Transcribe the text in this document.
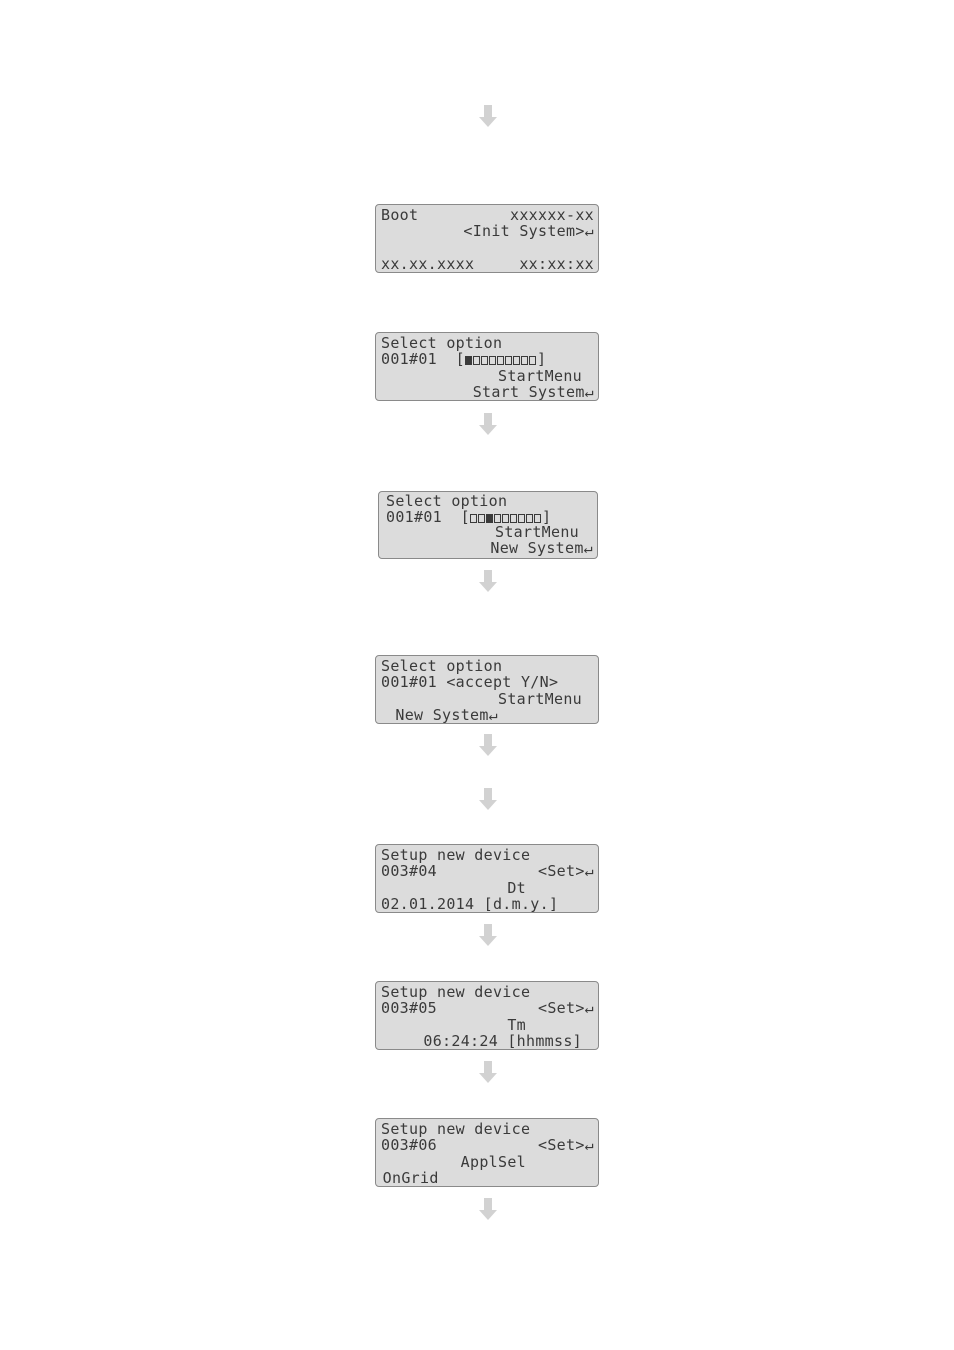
Boot	xxxxxx-xx
<Init System>↵
xx.xx.xxxx	xx:xx:xx
Select option
001#01  [	]
StartMenu
Start System↵
Select option
001#01  [	]
StartMenu
New System↵
Select option
001#01 <accept Y/N>
StartMenu
New System↵
Setup new device
003#04	<Set>↵
Dt
02.01.2014 [d.m.y.]
Setup new device
003#05	<Set>↵
Tm
06:24:24 [hhmmss]
Setup new device
003#06	<Set>↵
ApplSel
OnGrid
